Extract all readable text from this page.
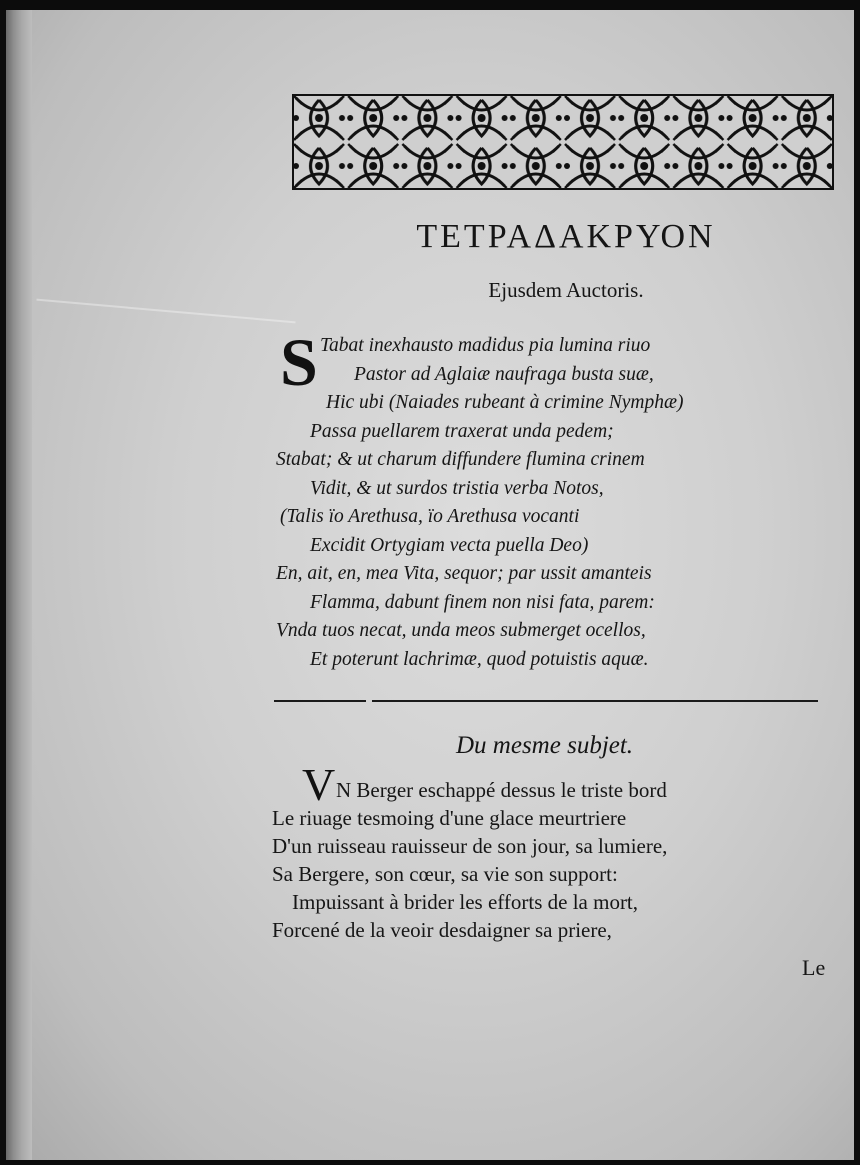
ΤΕΤΡΑΔΑΚΡΥΟΝ
Ejusdem Auctoris.
S Tabat inexhausto madidus pia lumina riuo
Pastor ad Aglaiæ naufraga busta suæ,
Hic ubi (Naiades rubeant à crimine Nymphæ)
Passa puellarem traxerat unda pedem;
Stabat; & ut charum diffundere flumina crinem
Vidit, & ut surdos tristia verba Notos,
(Talis ïo Arethusa, ïo Arethusa vocanti
Excidit Ortygiam vecta puella Deo)
En, ait, en, mea Vita, sequor; par ussit amanteis
Flamma, dabunt finem non nisi fata, parem:
Vnda tuos necat, unda meos submerget ocellos,
Et poterunt lachrimæ, quod potuistis aquæ.
Du mesme subjet.
V N Berger eschappé dessus le triste bord
Le riuage tesmoing d'une glace meurtriere
D'un ruisseau rauisseur de son jour, sa lumiere,
Sa Bergere, son cœur, sa vie son support:
Impuissant à brider les efforts de la mort,
Forcené de la veoir desdaigner sa priere,
Le
